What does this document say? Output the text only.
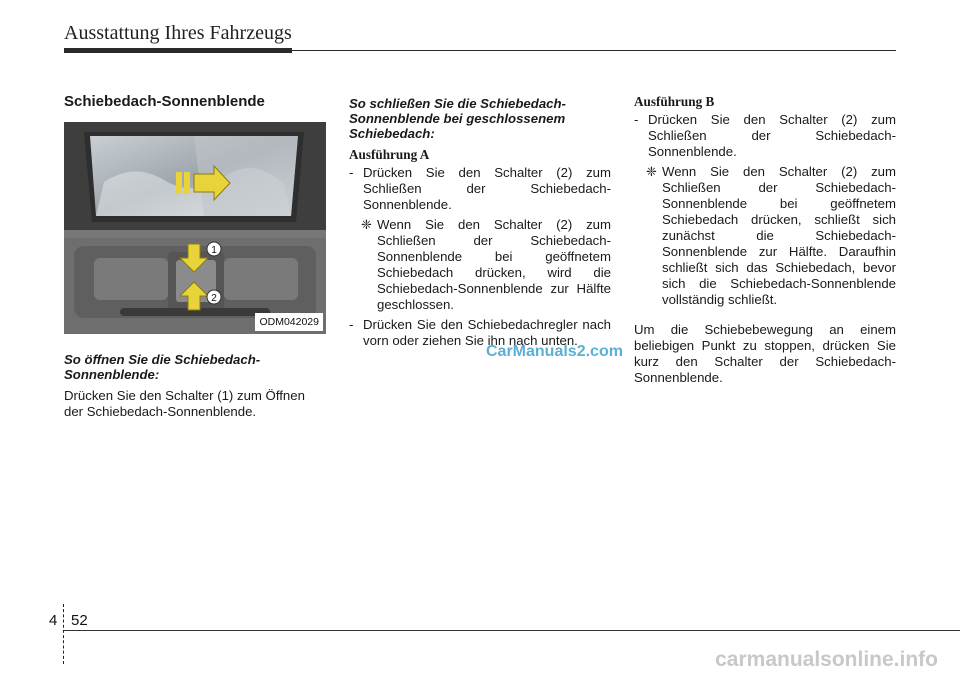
Ausstattung Ihres Fahrzeugs
Schiebedach-Sonnenblende
1
2
ODM042029
So öffnen Sie die Schiebedach-
Sonnenblende:

Drücken Sie den Schalter (1) zum Öffnen der Schiebedach-Sonnenblende.

So schließen Sie die Schiebedach-
Sonnenblende bei geschlossenem
Schiebedach:
Ausführung A
- Drücken Sie den Schalter (2) zum Schließen der Schiebedach-Sonnenblende.
❈ Wenn Sie den Schalter (2) zum Schließen der Schiebedach-Sonnenblende bei geöffnetem Schiebedach drücken, wird die Schiebedach-Sonnenblende zur Hälfte geschlossen.
- Drücken Sie den Schiebedachregler nach vorn oder ziehen Sie ihn nach unten.
Ausführung B
- Drücken Sie den Schalter (2) zum Schließen der Schiebedach-Sonnenblende.
❈ Wenn Sie den Schalter (2) zum Schließen der Schiebedach-Sonnenblende bei geöffnetem Schiebedach drücken, schließt sich zunächst die Schiebedach-Sonnenblende zur Hälfte. Daraufhin schließt sich das Schiebedach, bevor sich die Schiebedach-Sonnenblende vollständig schließt.

Um die Schiebebewegung an einem beliebigen Punkt zu stoppen, drücken Sie kurz den Schalter der Schiebedach-Sonnenblende.

CarManuals2.com
4 52
carmanualsonline.info
